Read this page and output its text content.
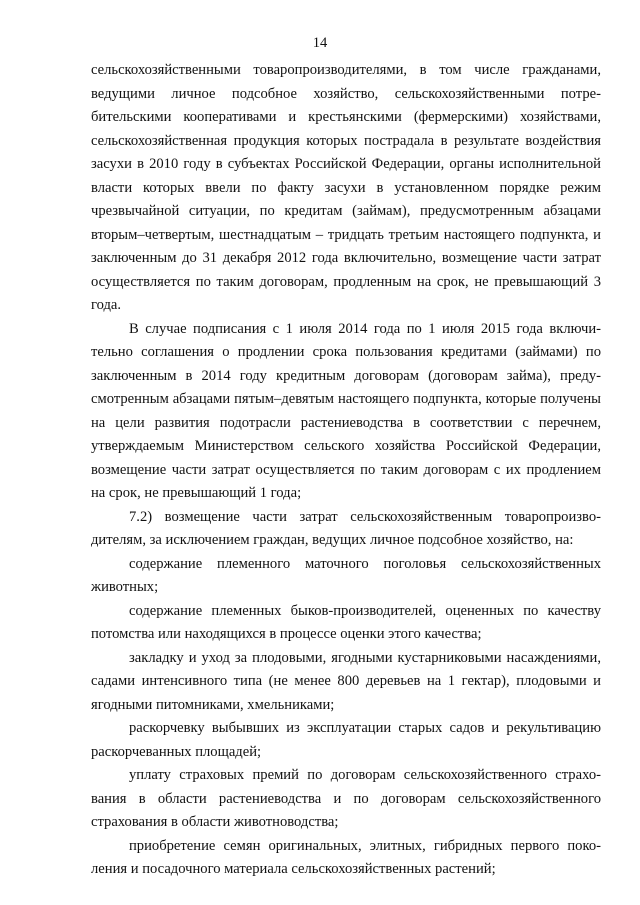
14

сельскохозяйственными товаропроизводителями, в том числе гражданами, ведущими личное подсобное хозяйство, сельскохозяйственными потребительскими кооперативами и крестьянскими (фермерскими) хозяйствами, сельскохозяйственная продукция которых пострадала в результате воздействия засухи в 2010 году в субъектах Российской Федерации, органы исполнительной власти которых ввели по факту засухи в установленном порядке режим чрезвычайной ситуации, по кредитам (займам), предусмотренным абзацами вторым–четвертым, шестнадцатым – тридцать третьим настоящего подпункта, и заключенным до 31 декабря 2012 года включительно, возмещение части затрат осуществляется по таким договорам, продленным на срок, не превышающий 3 года.

В случае подписания с 1 июля 2014 года по 1 июля 2015 года включительно соглашения о продлении срока пользования кредитами (займами) по заключенным в 2014 году кредитным договорам (договорам займа), предусмотренным абзацами пятым–девятым настоящего подпункта, которые получены на цели развития подотрасли растениеводства в соответствии с перечнем, утверждаемым Министерством сельского хозяйства Российской Федерации, возмещение части затрат осуществляется по таким договорам с их продлением на срок, не превышающий 1 года;

7.2) возмещение части затрат сельскохозяйственным товаропроизводителям, за исключением граждан, ведущих личное подсобное хозяйство, на:

содержание племенного маточного поголовья сельскохозяйственных животных;

содержание племенных быков-производителей, оцененных по качеству потомства или находящихся в процессе оценки этого качества;

закладку и уход за плодовыми, ягодными кустарниковыми насаждениями, садами интенсивного типа (не менее 800 деревьев на 1 гектар), плодовыми и ягодными питомниками, хмельниками;

раскорчевку выбывших из эксплуатации старых садов и рекультивацию раскорчеванных площадей;

уплату страховых премий по договорам сельскохозяйственного страхования в области растениеводства и по договорам сельскохозяйственного страхования в области животноводства;

приобретение семян оригинальных, элитных, гибридных первого поколения и посадочного материала сельскохозяйственных растений;
